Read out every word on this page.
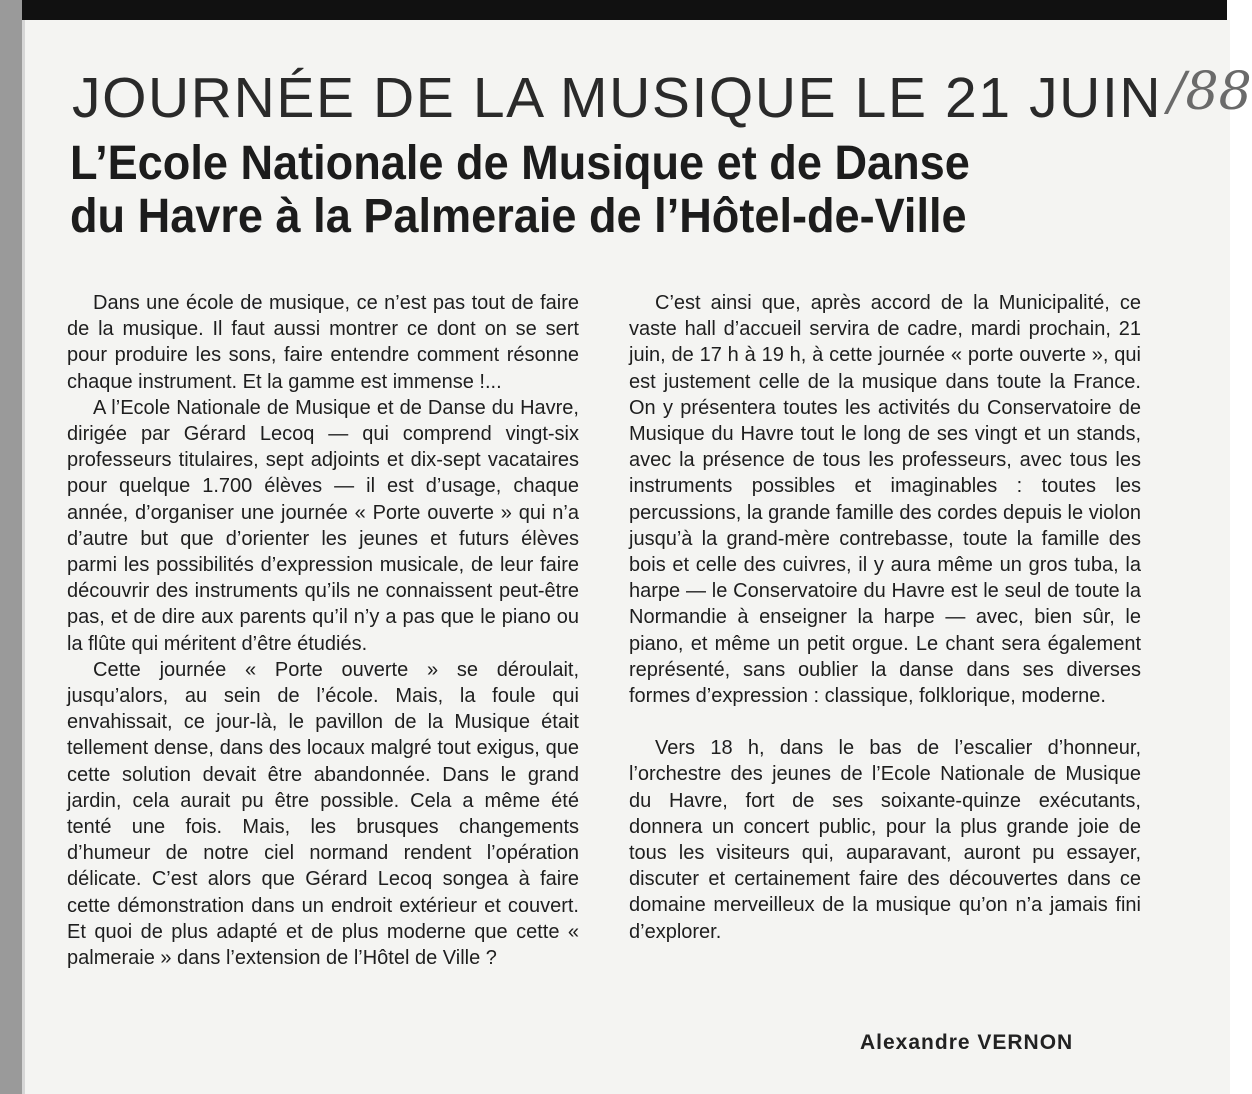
JOURNÉE DE LA MUSIQUE LE 21 JUIN /88
L’Ecole Nationale de Musique et de Danse
du Havre à la Palmeraie de l’Hôtel-de-Ville

Dans une école de musique, ce n’est pas tout de faire de la musique. Il faut aussi montrer ce dont on se sert pour produire les sons, faire entendre comment résonne chaque instrument. Et la gamme est immense !...

A l’Ecole Nationale de Musique et de Danse du Havre, dirigée par Gérard Lecoq — qui comprend vingt-six professeurs titulaires, sept adjoints et dix-sept vacataires pour quelque 1.700 élèves — il est d’usage, chaque année, d’organiser une journée « Porte ouverte » qui n’a d’autre but que d’orienter les jeunes et futurs élèves parmi les possibilités d’expression musicale, de leur faire découvrir des instruments qu’ils ne connaissent peut-être pas, et de dire aux parents qu’il n’y a pas que le piano ou la flûte qui méritent d’être étudiés.

Cette journée « Porte ouverte » se déroulait, jusqu’alors, au sein de l’école. Mais, la foule qui envahissait, ce jour-là, le pavillon de la Musique était tellement dense, dans des locaux malgré tout exigus, que cette solution devait être abandonnée. Dans le grand jardin, cela aurait pu être possible. Cela a même été tenté une fois. Mais, les brusques changements d’humeur de notre ciel normand rendent l’opération délicate. C’est alors que Gérard Lecoq songea à faire cette démonstration dans un endroit extérieur et couvert. Et quoi de plus adapté et de plus moderne que cette « palmeraie » dans l’extension de l’Hôtel de Ville ?

C’est ainsi que, après accord de la Municipalité, ce vaste hall d’accueil servira de cadre, mardi prochain, 21 juin, de 17 h à 19 h, à cette journée « porte ouverte », qui est justement celle de la musique dans toute la France. On y présentera toutes les activités du Conservatoire de Musique du Havre tout le long de ses vingt et un stands, avec la présence de tous les professeurs, avec tous les instruments possibles et imaginables : toutes les percussions, la grande famille des cordes depuis le violon jusqu’à la grand-mère contrebasse, toute la famille des bois et celle des cuivres, il y aura même un gros tuba, la harpe — le Conservatoire du Havre est le seul de toute la Normandie à enseigner la harpe — avec, bien sûr, le piano, et même un petit orgue. Le chant sera également représenté, sans oublier la danse dans ses diverses formes d’expression : classique, folklorique, moderne.

Vers 18 h, dans le bas de l’escalier d’honneur, l’orchestre des jeunes de l’Ecole Nationale de Musique du Havre, fort de ses soixante-quinze exécutants, donnera un concert public, pour la plus grande joie de tous les visiteurs qui, auparavant, auront pu essayer, discuter et certainement faire des découvertes dans ce domaine merveilleux de la musique qu’on n’a jamais fini d’explorer.

Alexandre VERNON
